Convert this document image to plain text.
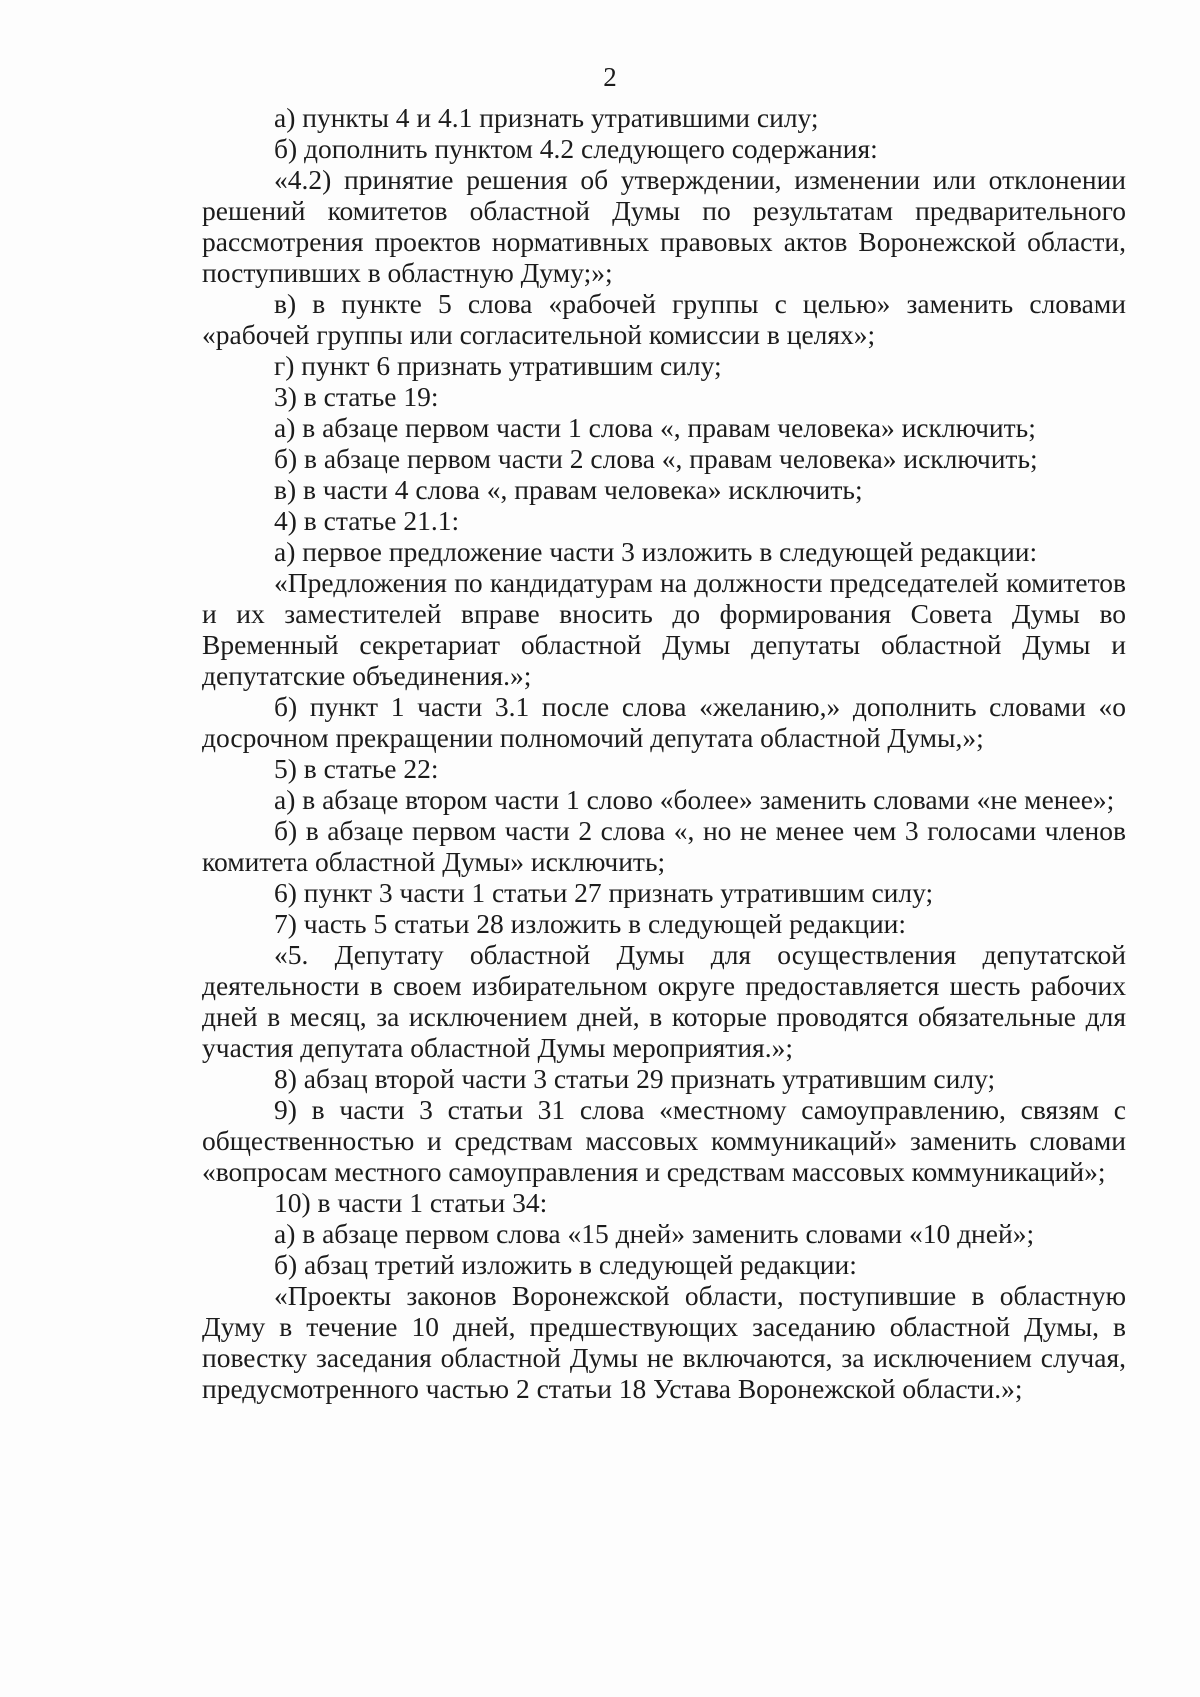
2

а) пункты 4 и 4.1 признать утратившими силу;

б) дополнить пунктом 4.2 следующего содержания:

«4.2) принятие решения об утверждении, изменении или отклонении решений комитетов областной Думы по результатам предварительного рассмотрения проектов нормативных правовых актов Воронежской области, поступивших в областную Думу;»;

в) в пункте 5 слова «рабочей группы с целью» заменить словами «рабочей группы или согласительной комиссии в целях»;

г) пункт 6 признать утратившим силу;

3) в статье 19:

а) в абзаце первом части 1 слова «, правам человека» исключить;

б) в абзаце первом части 2 слова «, правам человека» исключить;

в) в части 4 слова «, правам человека» исключить;

4) в статье 21.1:

а) первое предложение части 3 изложить в следующей редакции:

«Предложения по кандидатурам на должности председателей комитетов и их заместителей вправе вносить до формирования Совета Думы во Временный секретариат областной Думы депутаты областной Думы и депутатские объединения.»;

б) пункт 1 части 3.1 после слова «желанию,» дополнить словами «о досрочном прекращении полномочий депутата областной Думы,»;

5) в статье 22:

а) в абзаце втором части 1 слово «более» заменить словами «не менее»;

б) в абзаце первом части 2 слова «, но не менее чем 3 голосами членов комитета областной Думы» исключить;

6) пункт 3 части 1 статьи 27 признать утратившим силу;

7) часть 5 статьи 28 изложить в следующей редакции:

«5. Депутату областной Думы для осуществления депутатской деятельности в своем избирательном округе предоставляется шесть рабочих дней в месяц, за исключением дней, в которые проводятся обязательные для участия депутата областной Думы мероприятия.»;

8) абзац второй части 3 статьи 29 признать утратившим силу;

9) в части 3 статьи 31 слова «местному самоуправлению, связям с общественностью и средствам массовых коммуникаций» заменить словами «вопросам местного самоуправления и средствам массовых коммуникаций»;

10) в части 1 статьи 34:

а) в абзаце первом слова «15 дней» заменить словами «10 дней»;

б) абзац третий изложить в следующей редакции:

«Проекты законов Воронежской области, поступившие в областную Думу в течение 10 дней, предшествующих заседанию областной Думы, в повестку заседания областной Думы не включаются, за исключением случая, предусмотренного частью 2 статьи 18 Устава Воронежской области.»;
